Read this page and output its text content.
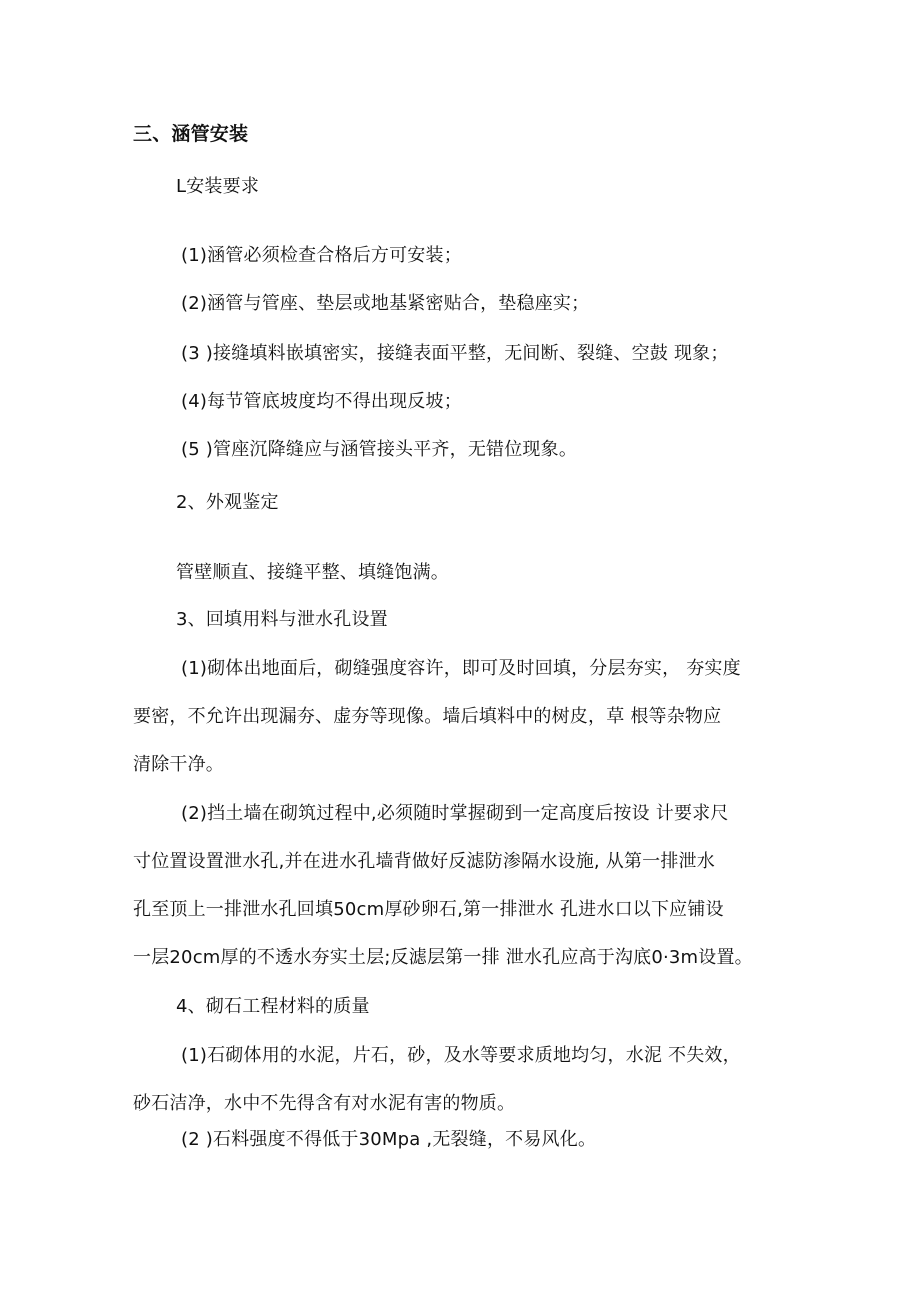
三、涵管安装
L安装要求
(1)涵管必须检查合格后方可安装；
(2)涵管与管座、垫层或地基紧密贴合，垫稳座实；
(3 )接缝填料嵌填密实，接缝表面平整，无间断、裂缝、空鼓 现象；
(4)每节管底坡度均不得出现反坡；
(5 )管座沉降缝应与涵管接头平齐，无错位现象。
2、外观鉴定
管壁顺直、接缝平整、填缝饱满。
3、回填用料与泄水孔设置
(1)砌体出地面后，砌缝强度容许，即可及时回填，分层夯实， 夯实度
要密，不允许出现漏夯、虚夯等现像。墙后填料中的树皮，草 根等杂物应
清除干净。
(2)挡土墙在砌筑过程中,必须随时掌握砌到一定高度后按设 计要求尺
寸位置设置泄水孔,并在进水孔墙背做好反滤防渗隔水设施, 从第一排泄水
孔至顶上一排泄水孔回填50cm厚砂卵石,第一排泄水 孔进水口以下应铺设
一层20cm厚的不透水夯实土层;反滤层第一排 泄水孔应高于沟底0·3m设置。
4、砌石工程材料的质量
(1)石砌体用的水泥，片石，砂，及水等要求质地均匀，水泥 不失效，
砂石洁净，水中不先得含有对水泥有害的物质。
(2 )石料强度不得低于30Mpa ,无裂缝，不易风化。
